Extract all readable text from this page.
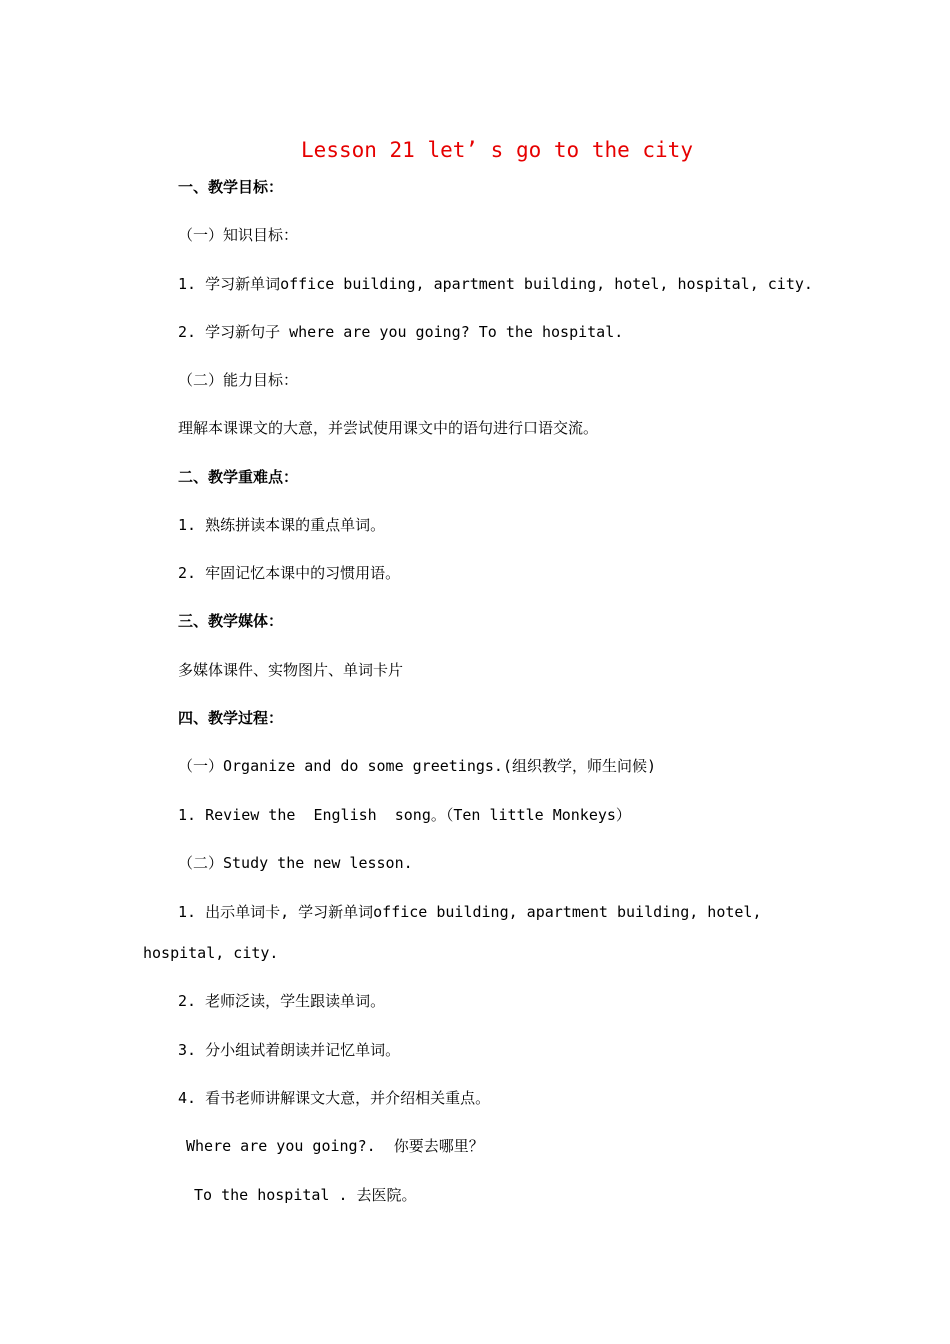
Lesson 21 let’ s go to the city
一、教学目标：
（一）知识目标：
1. 学习新单词office building, apartment building, hotel, hospital, city.
2. 学习新句子 where are you going? To the hospital.
（二）能力目标：
理解本课课文的大意，并尝试使用课文中的语句进行口语交流。
二、教学重难点：
1. 熟练拼读本课的重点单词。
2. 牢固记忆本课中的习惯用语。
三、教学媒体：
多媒体课件、实物图片、单词卡片
四、教学过程：
（一）Organize and do some greetings.(组织教学，师生问候)
1. Review the  English  song。（Ten little Monkeys）
（二）Study the new lesson.
1. 出示单词卡, 学习新单词office building, apartment building, hotel,
hospital, city.
2. 老师泛读，学生跟读单词。
3. 分小组试着朗读并记忆单词。
4. 看书老师讲解课文大意，并介绍相关重点。
Where are you going?.  你要去哪里？
To the hospital . 去医院。
